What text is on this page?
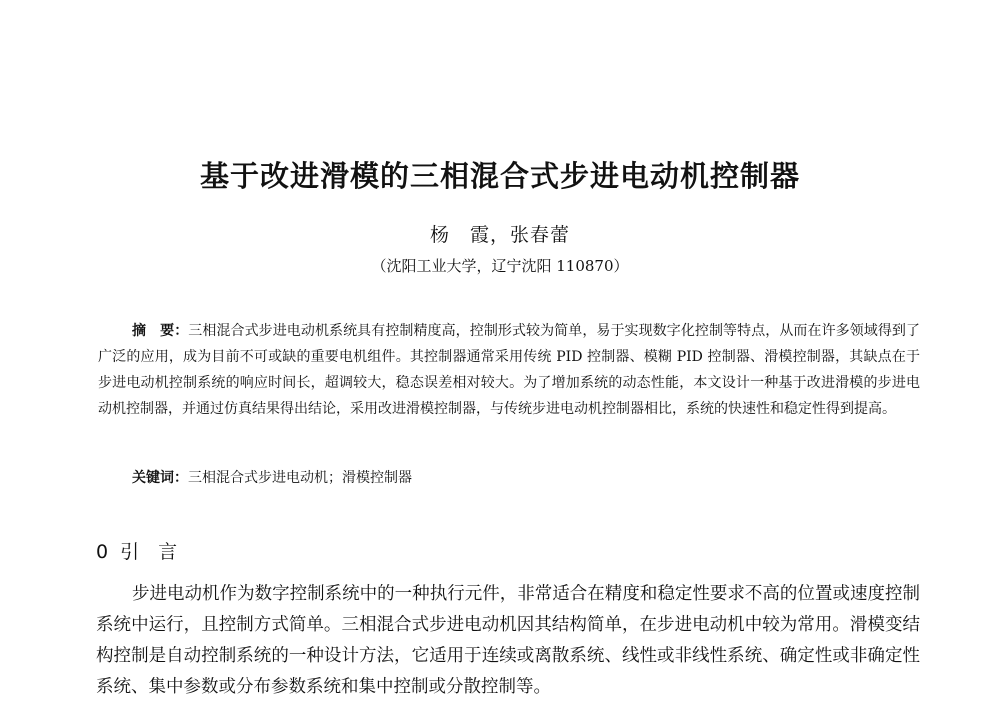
基于改进滑模的三相混合式步进电动机控制器
杨　霞，张春蕾
（沈阳工业大学，辽宁沈阳 110870）
摘　要：三相混合式步进电动机系统具有控制精度高，控制形式较为简单，易于实现数字化控制等特点，从而在许多领域得到了广泛的应用，成为目前不可或缺的重要电机组件。其控制器通常采用传统 PID 控制器、模糊 PID 控制器、滑模控制器，其缺点在于步进电动机控制系统的响应时间长，超调较大，稳态误差相对较大。为了增加系统的动态性能，本文设计一种基于改进滑模的步进电动机控制器，并通过仿真结果得出结论，采用改进滑模控制器，与传统步进电动机控制器相比，系统的快速性和稳定性得到提高。
关键词：三相混合式步进电动机；滑模控制器
0 引　言
步进电动机作为数字控制系统中的一种执行元件，非常适合在精度和稳定性要求不高的位置或速度控制系统中运行，且控制方式简单。三相混合式步进电动机因其结构简单，在步进电动机中较为常用。滑模变结构控制是自动控制系统的一种设计方法，它适用于连续或离散系统、线性或非线性系统、确定性或非确定性系统、集中参数或分布参数系统和集中控制或分散控制等。
